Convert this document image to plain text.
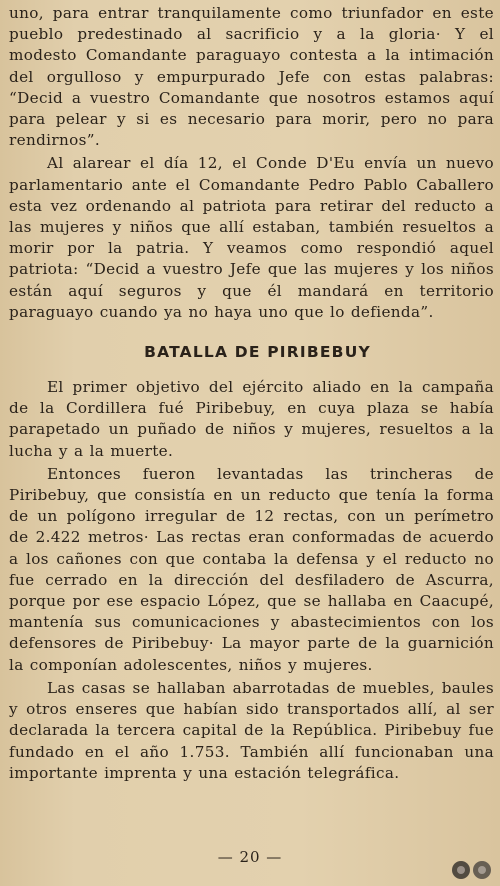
uno, para entrar tranquilamente como triunfador en este pueblo predestinado al sacrificio y a la gloria· Y el modesto Comandante paraguayo contesta a la intimación del orgulloso y empurpurado Jefe con estas palabras: “Decid a vuestro Comandante que nosotros estamos aquí para pelear y si es necesario para morir, pero no para rendirnos”.

Al alarear el día 12, el Conde D'Eu envía un nuevo parlamentario ante el Comandante Pedro Pablo Caballero esta vez ordenando al patriota para retirar del reducto a las mujeres y niños que allí estaban, también resueltos a morir por la patria. Y veamos como respondió aquel patriota: “Decid a vuestro Jefe que las mujeres y los niños están aquí seguros y que él mandará en territorio paraguayo cuando ya no haya uno que lo defienda”.

BATALLA DE PIRIBEBUY

El primer objetivo del ejército aliado en la campaña de la Cordillera fué Piribebuy, en cuya plaza se había parapetado un puñado de niños y mujeres, resueltos a la lucha y a la muerte.

Entonces fueron levantadas las trincheras de Piribebuy, que consistía en un reducto que tenía la forma de un polígono irregular de 12 rectas, con un perímetro de 2.422 metros· Las rectas eran conformadas de acuerdo a los cañones con que contaba la defensa y el reducto no fue cerrado en la dirección del desfiladero de Ascurra, porque por ese espacio López, que se hallaba en Caacupé, mantenía sus comunicaciones y abastecimientos con los defensores de Piribebuy· La mayor parte de la guarnición la componían adolescentes, niños y mujeres.

Las casas se hallaban abarrotadas de muebles, baules y otros enseres que habían sido transportados allí, al ser declarada la tercera capital de la República. Piribebuy fue fundado en el año 1.753. También allí funcionaban una importante imprenta y una estación telegráfica.

— 20 —
